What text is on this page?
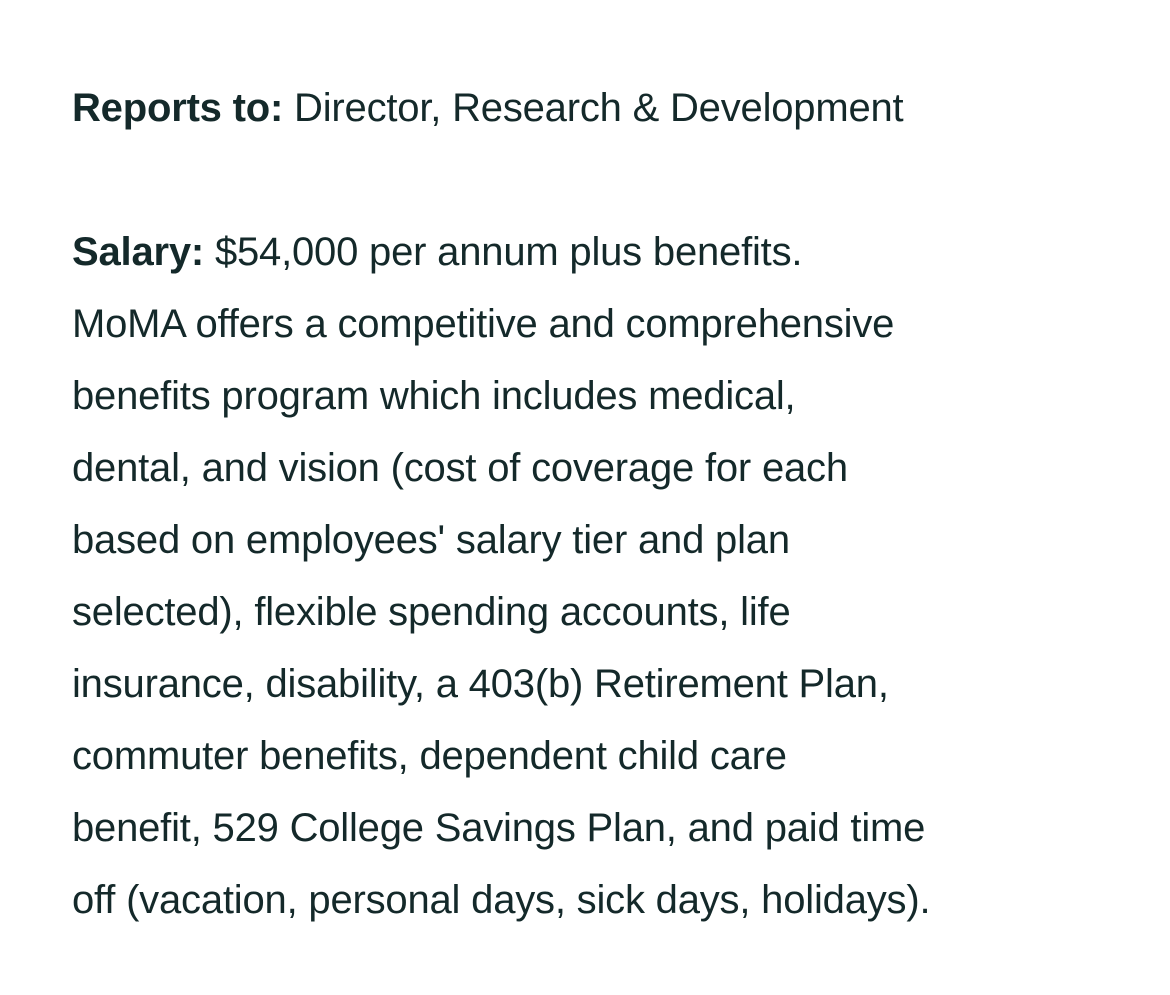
Reports to: Director, Research & Development

Salary: $54,000 per annum plus benefits.
MoMA offers a competitive and comprehensive
benefits program which includes medical,
dental, and vision (cost of coverage for each
based on employees' salary tier and plan
selected), flexible spending accounts, life
insurance, disability, a 403(b) Retirement Plan,
commuter benefits, dependent child care
benefit, 529 College Savings Plan, and paid time
off (vacation, personal days, sick days, holidays).
